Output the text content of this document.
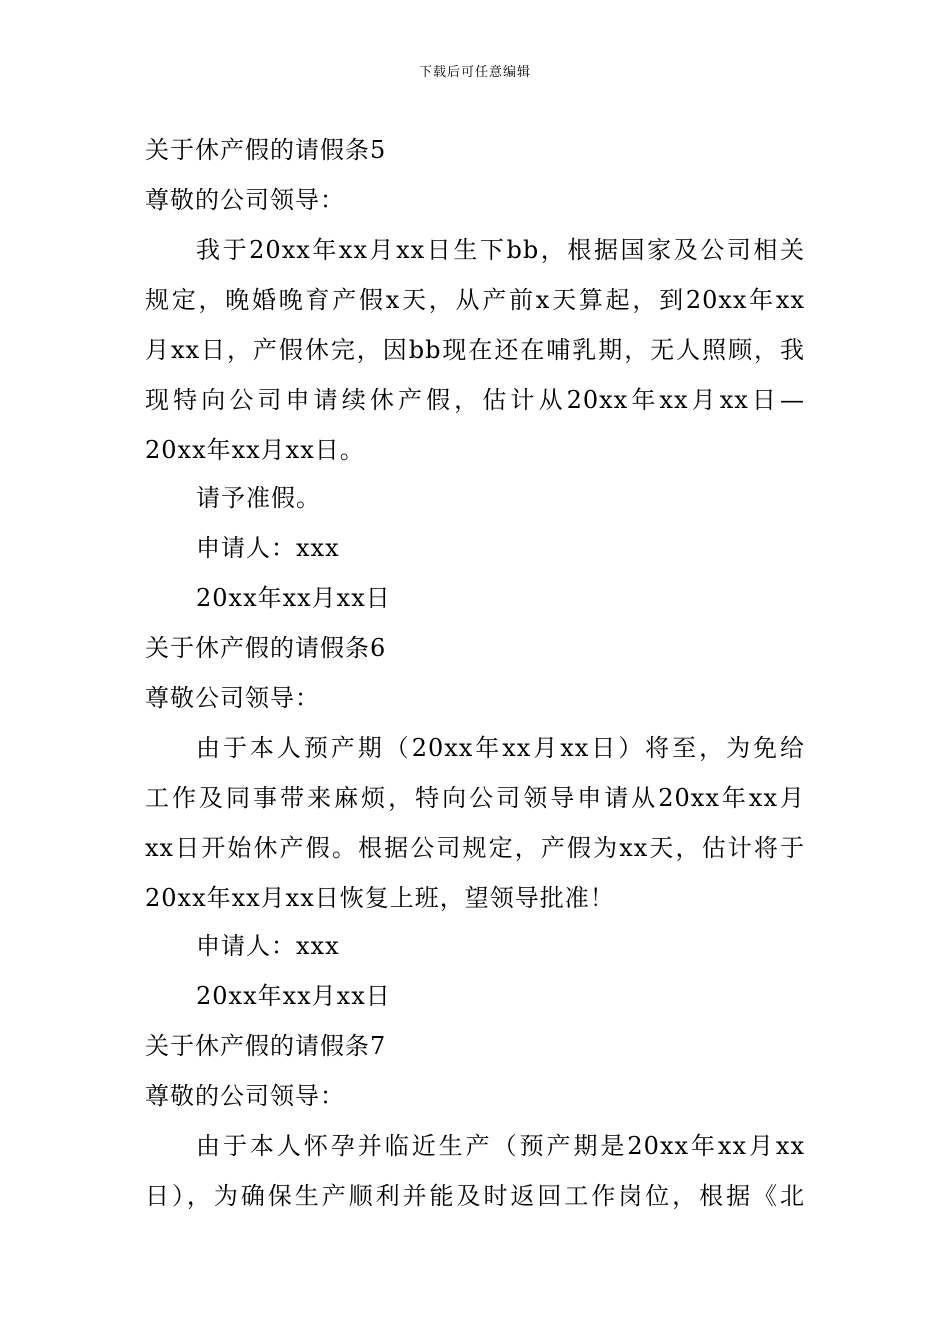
下载后可任意编辑
关于休产假的请假条5
尊敬的公司领导：
我于20xx年xx月xx日生下bb，根据国家及公司相关
规定，晚婚晚育产假x天，从产前x天算起，到20xx年xx
月xx日，产假休完，因bb现在还在哺乳期，无人照顾，我
现特向公司申请续休产假，估计从20xx年xx月xx日—
20xx年xx月xx日。
请予准假。
申请人：xxx
20xx年xx月xx日
关于休产假的请假条6
尊敬公司领导：
由于本人预产期（20xx年xx月xx日）将至，为免给
工作及同事带来麻烦，特向公司领导申请从20xx年xx月
xx日开始休产假。根据公司规定，产假为xx天，估计将于
20xx年xx月xx日恢复上班，望领导批准！
申请人：xxx
20xx年xx月xx日
关于休产假的请假条7
尊敬的公司领导：
由于本人怀孕并临近生产（预产期是20xx年xx月xx
日），为确保生产顺利并能及时返回工作岗位，根据《北
